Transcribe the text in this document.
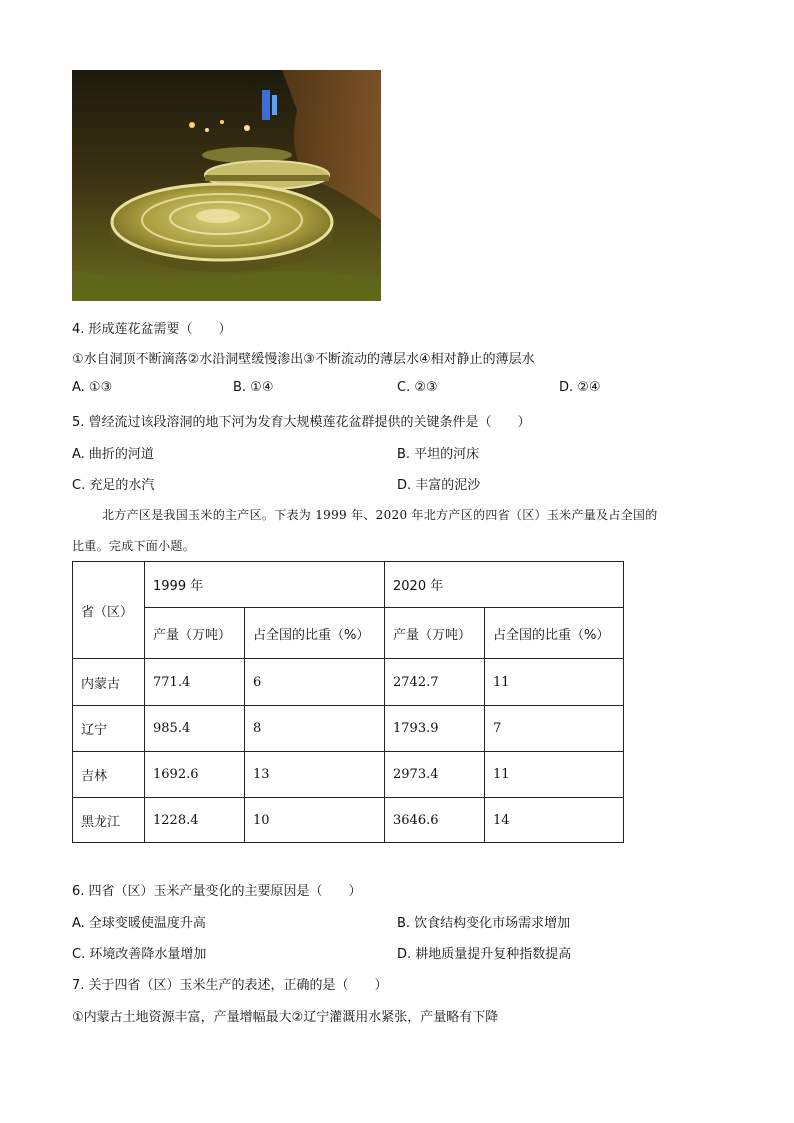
4. 形成莲花盆需要（　　）
①水自洞顶不断滴落②水沿洞壁缓慢渗出③不断流动的薄层水④相对静止的薄层水
A. ①③	B. ①④	C. ②③	D. ②④
5. 曾经流过该段溶洞的地下河为发育大规模莲花盆群提供的关键条件是（　　）
A. 曲折的河道	B. 平坦的河床
C. 充足的水汽	D. 丰富的泥沙
北方产区是我国玉米的主产区。下表为 1999 年、2020 年北方产区的四省（区）玉米产量及占全国的
比重。完成下面小题。
省（区）	1999 年		2020 年	
	产量（万吨）	占全国的比重（%）	产量（万吨）	占全国的比重（%）
内蒙古	771.4	6	2742.7	11
辽宁	985.4	8	1793.9	7
吉林	1692.6	13	2973.4	11
黑龙江	1228.4	10	3646.6	14
6. 四省（区）玉米产量变化的主要原因是（　　）
A. 全球变暖使温度升高	B. 饮食结构变化市场需求增加
C. 环境改善降水量增加	D. 耕地质量提升复种指数提高
7. 关于四省（区）玉米生产的表述，正确的是（　　）
①内蒙古土地资源丰富，产量增幅最大②辽宁灌溉用水紧张，产量略有下降
